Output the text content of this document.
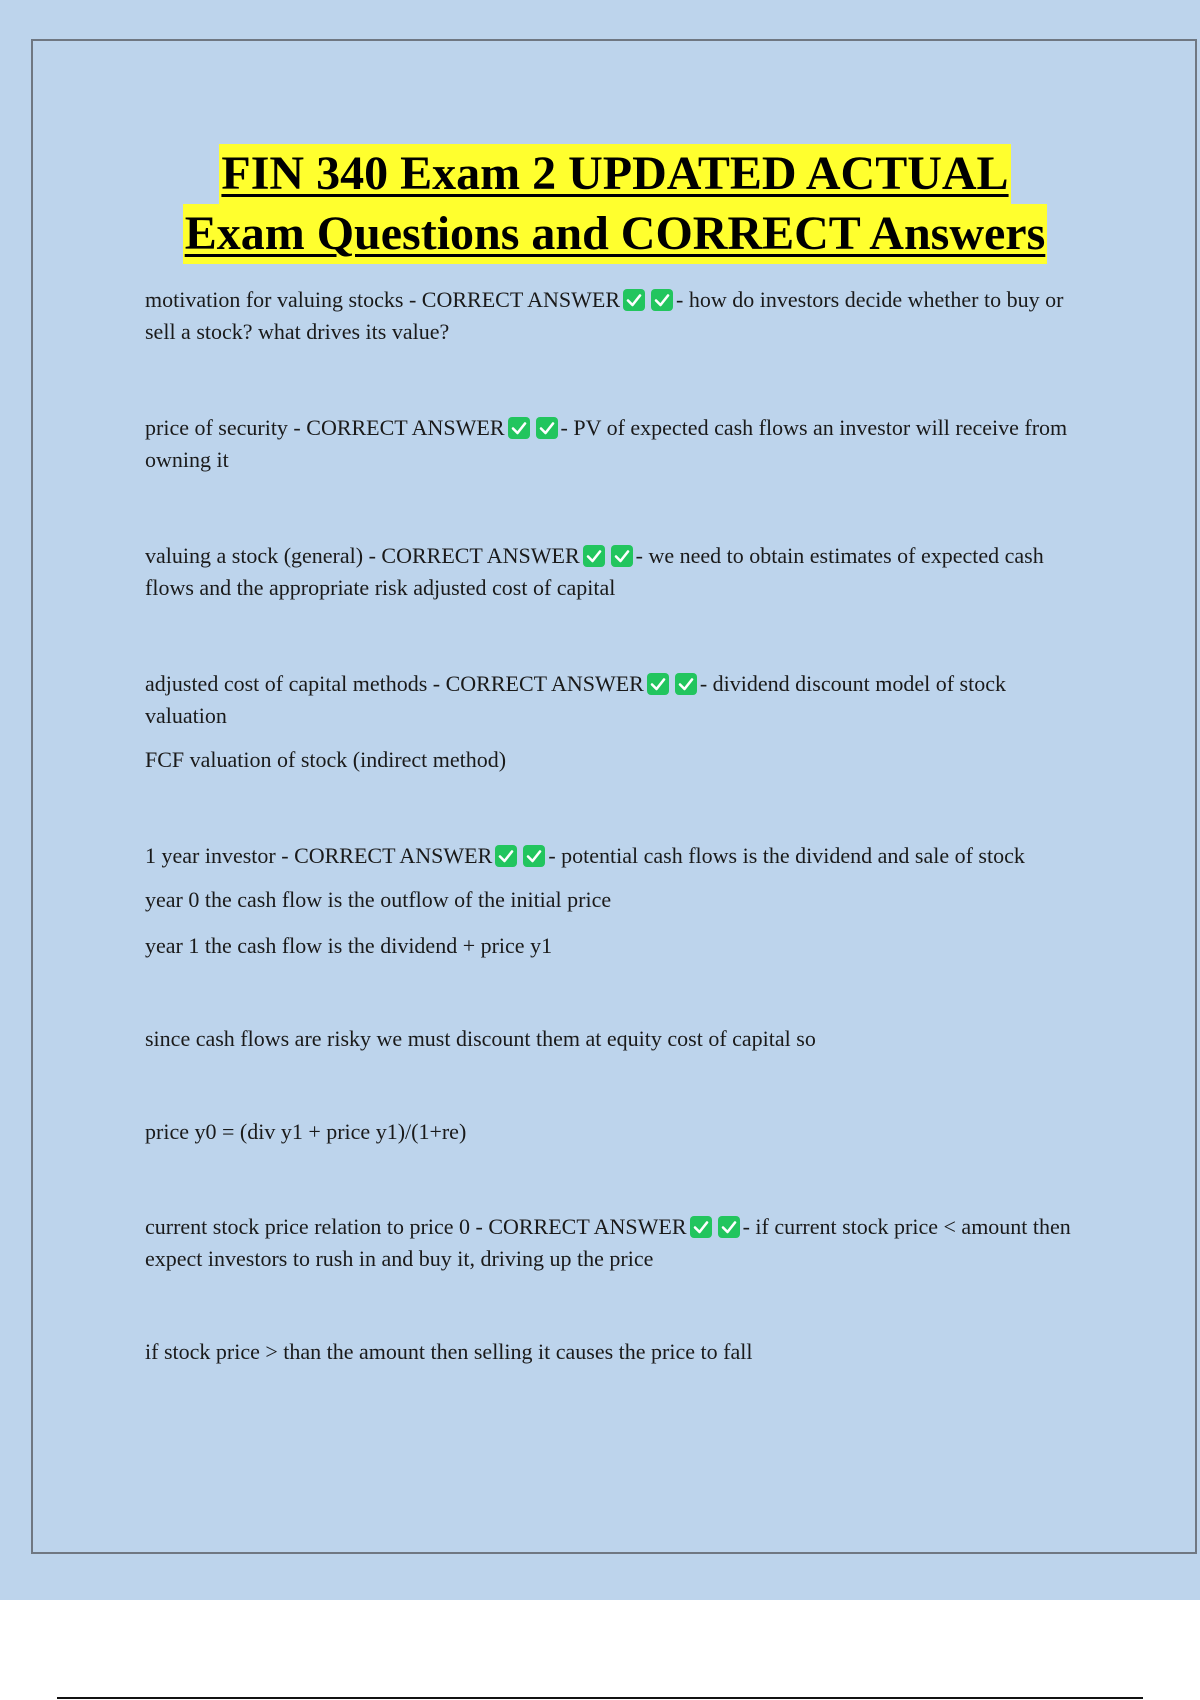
FIN 340 Exam 2 UPDATED ACTUAL
Exam Questions and CORRECT Answers

motivation for valuing stocks - CORRECT ANSWER	- how do investors decide whether to buy or sell a stock? what drives its value?

price of security - CORRECT ANSWER	- PV of expected cash flows an investor will receive from owning it

valuing a stock (general) - CORRECT ANSWER	- we need to obtain estimates of expected cash flows and the appropriate risk adjusted cost of capital

adjusted cost of capital methods - CORRECT ANSWER	- dividend discount model of stock valuation

FCF valuation of stock (indirect method)

1 year investor - CORRECT ANSWER	- potential cash flows is the dividend and sale of stock

year 0 the cash flow is the outflow of the initial price

year 1 the cash flow is the dividend + price y1

since cash flows are risky we must discount them at equity cost of capital so

price y0 = (div y1 + price y1)/(1+re)

current stock price relation to price 0 - CORRECT ANSWER	- if current stock price < amount then expect investors to rush in and buy it, driving up the price

if stock price > than the amount then selling it causes the price to fall
